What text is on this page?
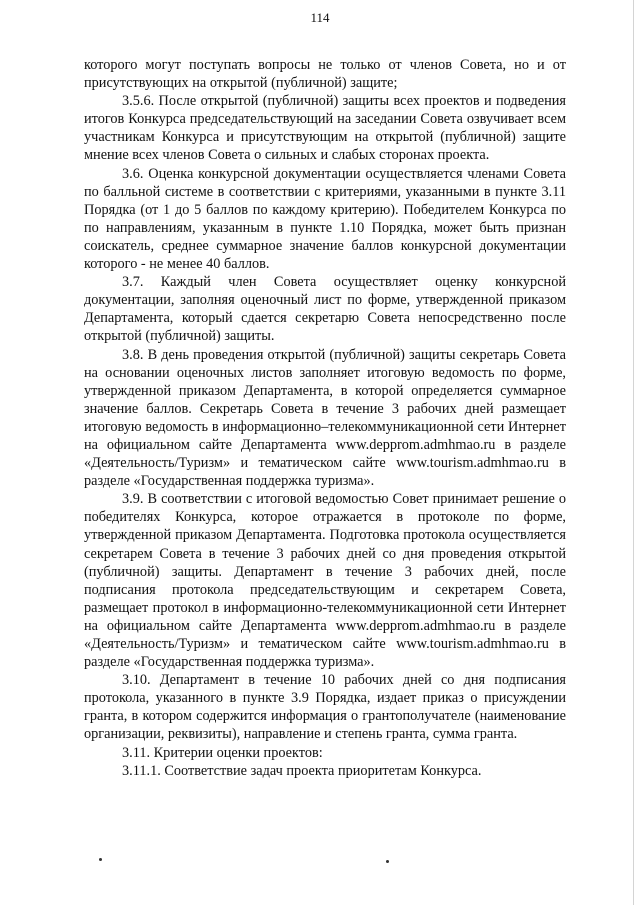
114

которого могут поступать вопросы не только от членов Совета, но и от присутствующих на открытой (публичной) защите;

3.5.6. После открытой (публичной) защиты всех проектов и подведения итогов Конкурса председательствующий на заседании Совета озвучивает всем участникам Конкурса и присутствующим на открытой (публичной) защите мнение всех членов Совета о сильных и слабых сторонах проекта.

3.6. Оценка конкурсной документации осуществляется членами Совета по балльной системе в соответствии с критериями, указанными в пункте 3.11 Порядка (от 1 до 5 баллов по каждому критерию). Победителем Конкурса по по направлениям, указанным в пункте 1.10 Порядка, может быть признан соискатель, среднее суммарное значение баллов конкурсной документации которого - не менее 40 баллов.

3.7. Каждый член Совета осуществляет оценку конкурсной документации, заполняя оценочный лист по форме, утвержденной приказом Департамента, который сдается секретарю Совета непосредственно после открытой (публичной) защиты.

3.8. В день проведения открытой (публичной) защиты секретарь Совета на основании оценочных листов заполняет итоговую ведомость по форме, утвержденной приказом Департамента, в которой определяется суммарное значение баллов. Секретарь Совета в течение 3 рабочих дней размещает итоговую ведомость в информационно–телекоммуникационной сети Интернет на официальном сайте Департамента www.depprom.admhmao.ru в разделе «Деятельность/Туризм» и тематическом сайте www.tourism.admhmao.ru в разделе «Государственная поддержка туризма».

3.9. В соответствии с итоговой ведомостью Совет принимает решение о победителях Конкурса, которое отражается в протоколе по форме, утвержденной приказом Департамента. Подготовка протокола осуществляется секретарем Совета в течение 3 рабочих дней со дня проведения открытой (публичной) защиты. Департамент в течение 3 рабочих дней, после подписания протокола председательствующим и секретарем Совета, размещает протокол в информационно-телекоммуникационной сети Интернет на официальном сайте Департамента www.depprom.admhmao.ru в разделе «Деятельность/Туризм» и тематическом сайте www.tourism.admhmao.ru в разделе «Государственная поддержка туризма».

3.10. Департамент в течение 10 рабочих дней со дня подписания протокола, указанного в пункте 3.9 Порядка, издает приказ о присуждении гранта, в котором содержится информация о грантополучателе (наименование организации, реквизиты), направление и степень гранта, сумма гранта.

3.11. Критерии оценки проектов:

3.11.1. Соответствие задач проекта приоритетам Конкурса.
